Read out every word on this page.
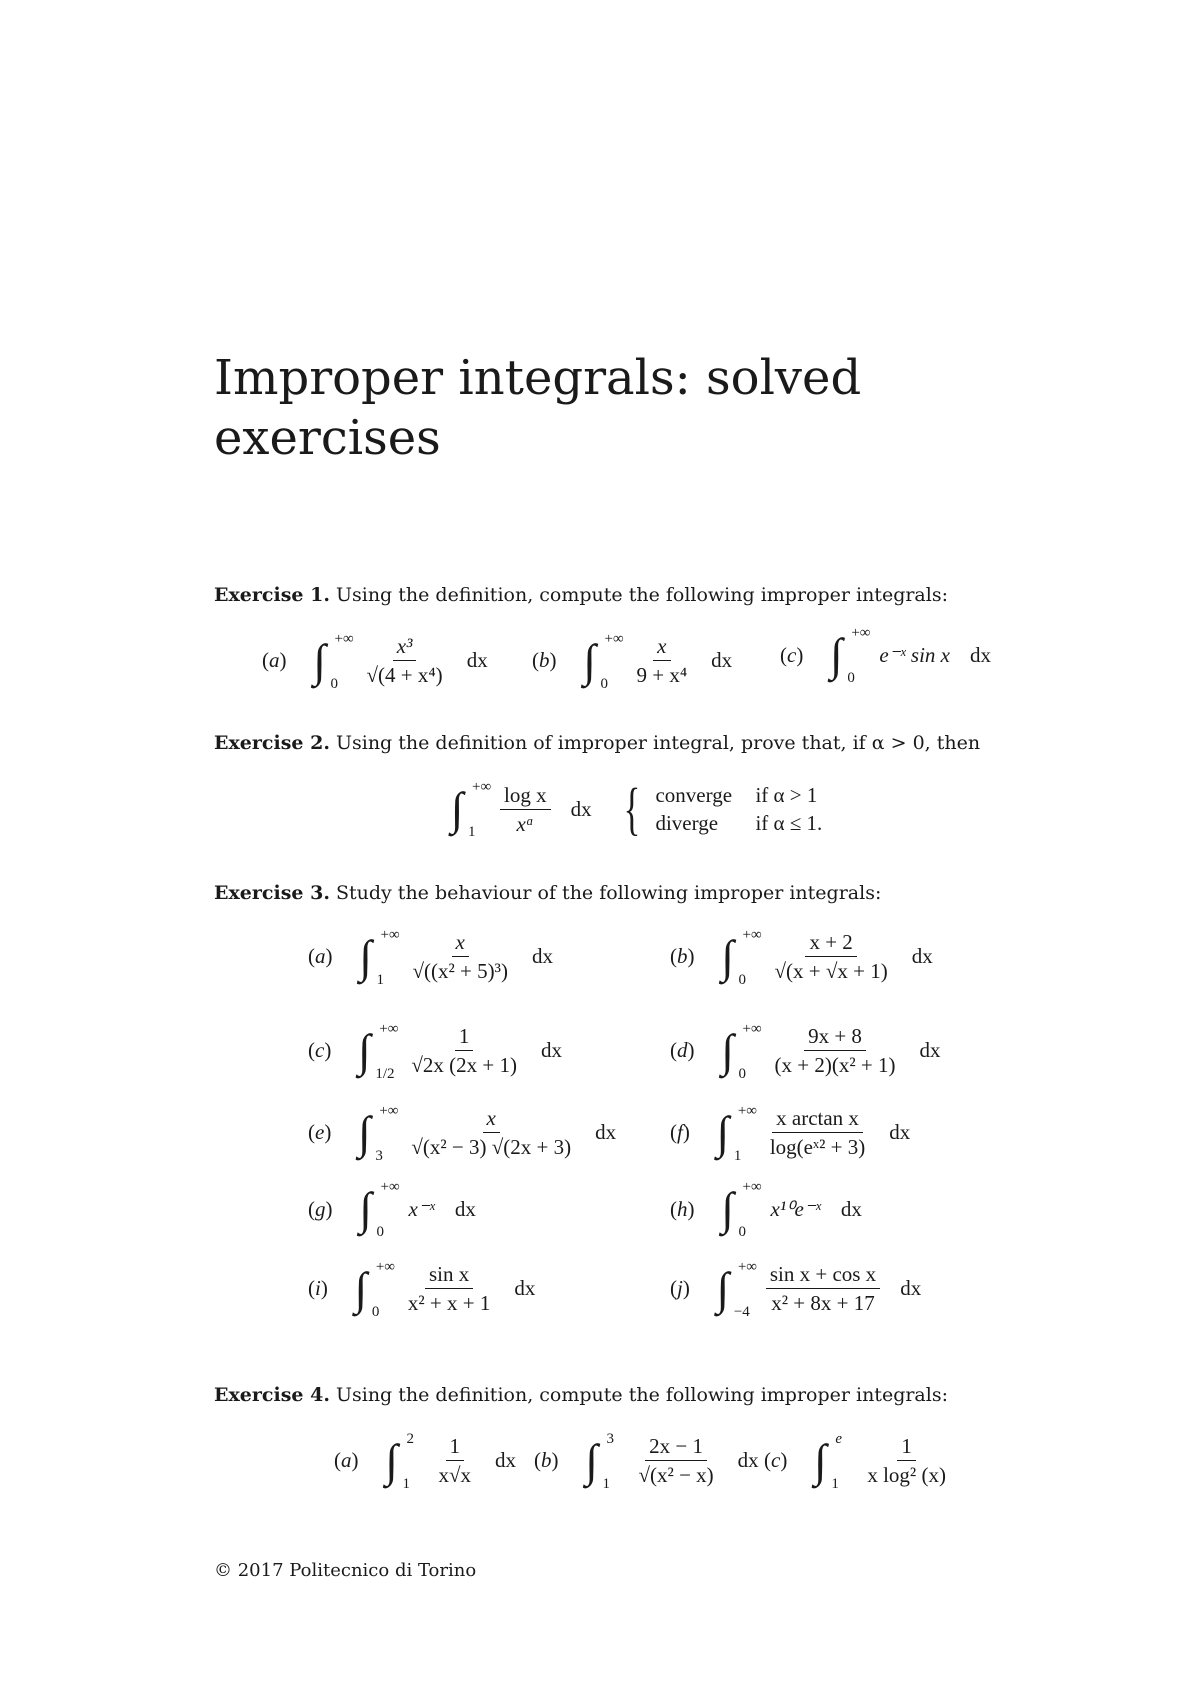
Improper integrals: solved exercises
Exercise 1. Using the definition, compute the following improper integrals:
( a ) ∫ +∞
$0 \frac{\text{x³}}{\text{√(4 + x⁴)}}$ dx	( b ) ∫ +∞
$0 \frac{x}{\text{9 + x⁴}}$ dx	( c ) ∫ +∞
0
e⁻ˣ sin x dx
Exercise 2. Using the definition of improper integral, prove that, if α > 0, then
∫ +∞
$1 \frac{\text{log x}}{\text{xᵅ}}$ dx { converge	if α > 1
diverge	if α ≤ 1.
Exercise 3. Study the behaviour of the following improper integrals:
( a ) ∫ +∞
$1 \frac{x}{\text{√((x² + 5)³)}}$ dx	( b ) ∫ +∞
$0 \frac{x + 2}{√(x + √x + 1)}$ dx
( c ) ∫ +∞
$1/2 \frac{1}{√2x (2x + 1)}$ dx	( d ) ∫ +∞
$0 \frac{9x + 8}{\text{(x + 2)(x² + 1)}}$ dx
( e ) ∫ +∞
$3 \frac{x}{\text{√(x² − 3) √(2x + 3)}}$ dx	( f ) ∫ +∞
$1 \frac{\text{x arctan x}}{\text{log(eˣ² + 3)}}$ dx
( g ) ∫ +∞
0
x⁻ˣ dx	( h ) ∫ +∞
0
x¹⁰e⁻ˣ dx
( i ) ∫ +∞
$0 \frac{\text{sin x}}{\text{x² + x + 1}}$ dx	( j ) ∫ +∞
$-4 \frac{\text{sin x + cos x}}{\text{x² + 8x + 17}}$ dx
Exercise 4. Using the definition, compute the following improper integrals:
( a ) ∫ 2
$1 \frac{1}{x√x}$ dx	( b ) ∫ 3
$1 \frac{2x - 1}{\text{√(x² − x)}}$ dx ( c ) ∫ e
$1 \frac{1}{\text{x log² (x)}}$
© 2017 Politecnico di Torino
